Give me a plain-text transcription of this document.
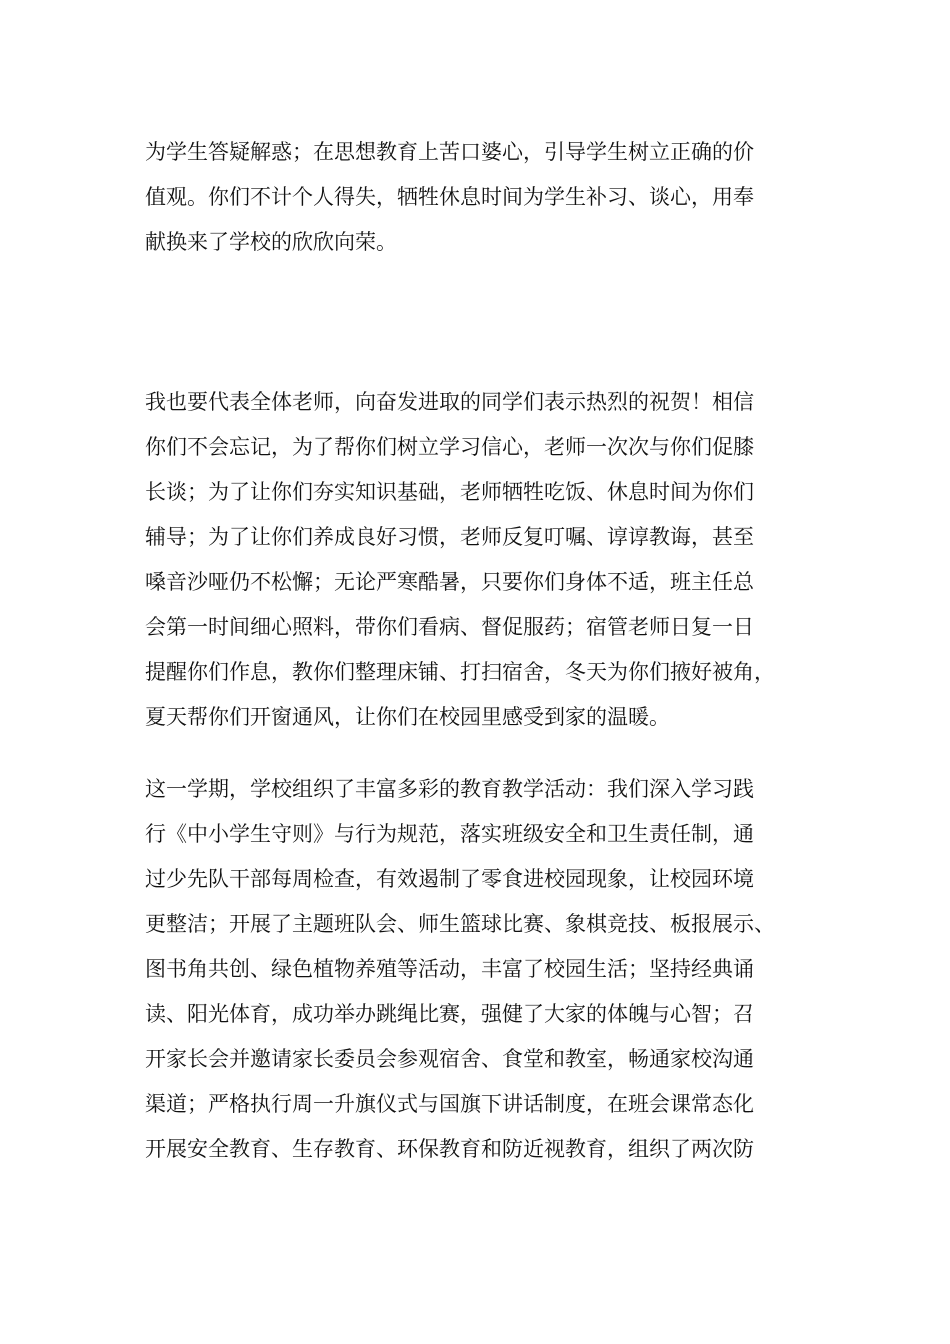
为学生答疑解惑；在思想教育上苦口婆心，引导学生树立正确的价
值观。你们不计个人得失，牺牲休息时间为学生补习、谈心，用奉
献换来了学校的欣欣向荣。

我也要代表全体老师，向奋发进取的同学们表示热烈的祝贺！相信
你们不会忘记，为了帮你们树立学习信心，老师一次次与你们促膝
长谈；为了让你们夯实知识基础，老师牺牲吃饭、休息时间为你们
辅导；为了让你们养成良好习惯，老师反复叮嘱、谆谆教诲，甚至
嗓音沙哑仍不松懈；无论严寒酷暑，只要你们身体不适，班主任总
会第一时间细心照料，带你们看病、督促服药；宿管老师日复一日
提醒你们作息，教你们整理床铺、打扫宿舍，冬天为你们掖好被角，
夏天帮你们开窗通风，让你们在校园里感受到家的温暖。

这一学期，学校组织了丰富多彩的教育教学活动：我们深入学习践
行《中小学生守则》与行为规范，落实班级安全和卫生责任制，通
过少先队干部每周检查，有效遏制了零食进校园现象，让校园环境
更整洁；开展了主题班队会、师生篮球比赛、象棋竞技、板报展示、
图书角共创、绿色植物养殖等活动，丰富了校园生活；坚持经典诵
读、阳光体育，成功举办跳绳比赛，强健了大家的体魄与心智；召
开家长会并邀请家长委员会参观宿舍、食堂和教室，畅通家校沟通
渠道；严格执行周一升旗仪式与国旗下讲话制度，在班会课常态化
开展安全教育、生存教育、环保教育和防近视教育，组织了两次防
